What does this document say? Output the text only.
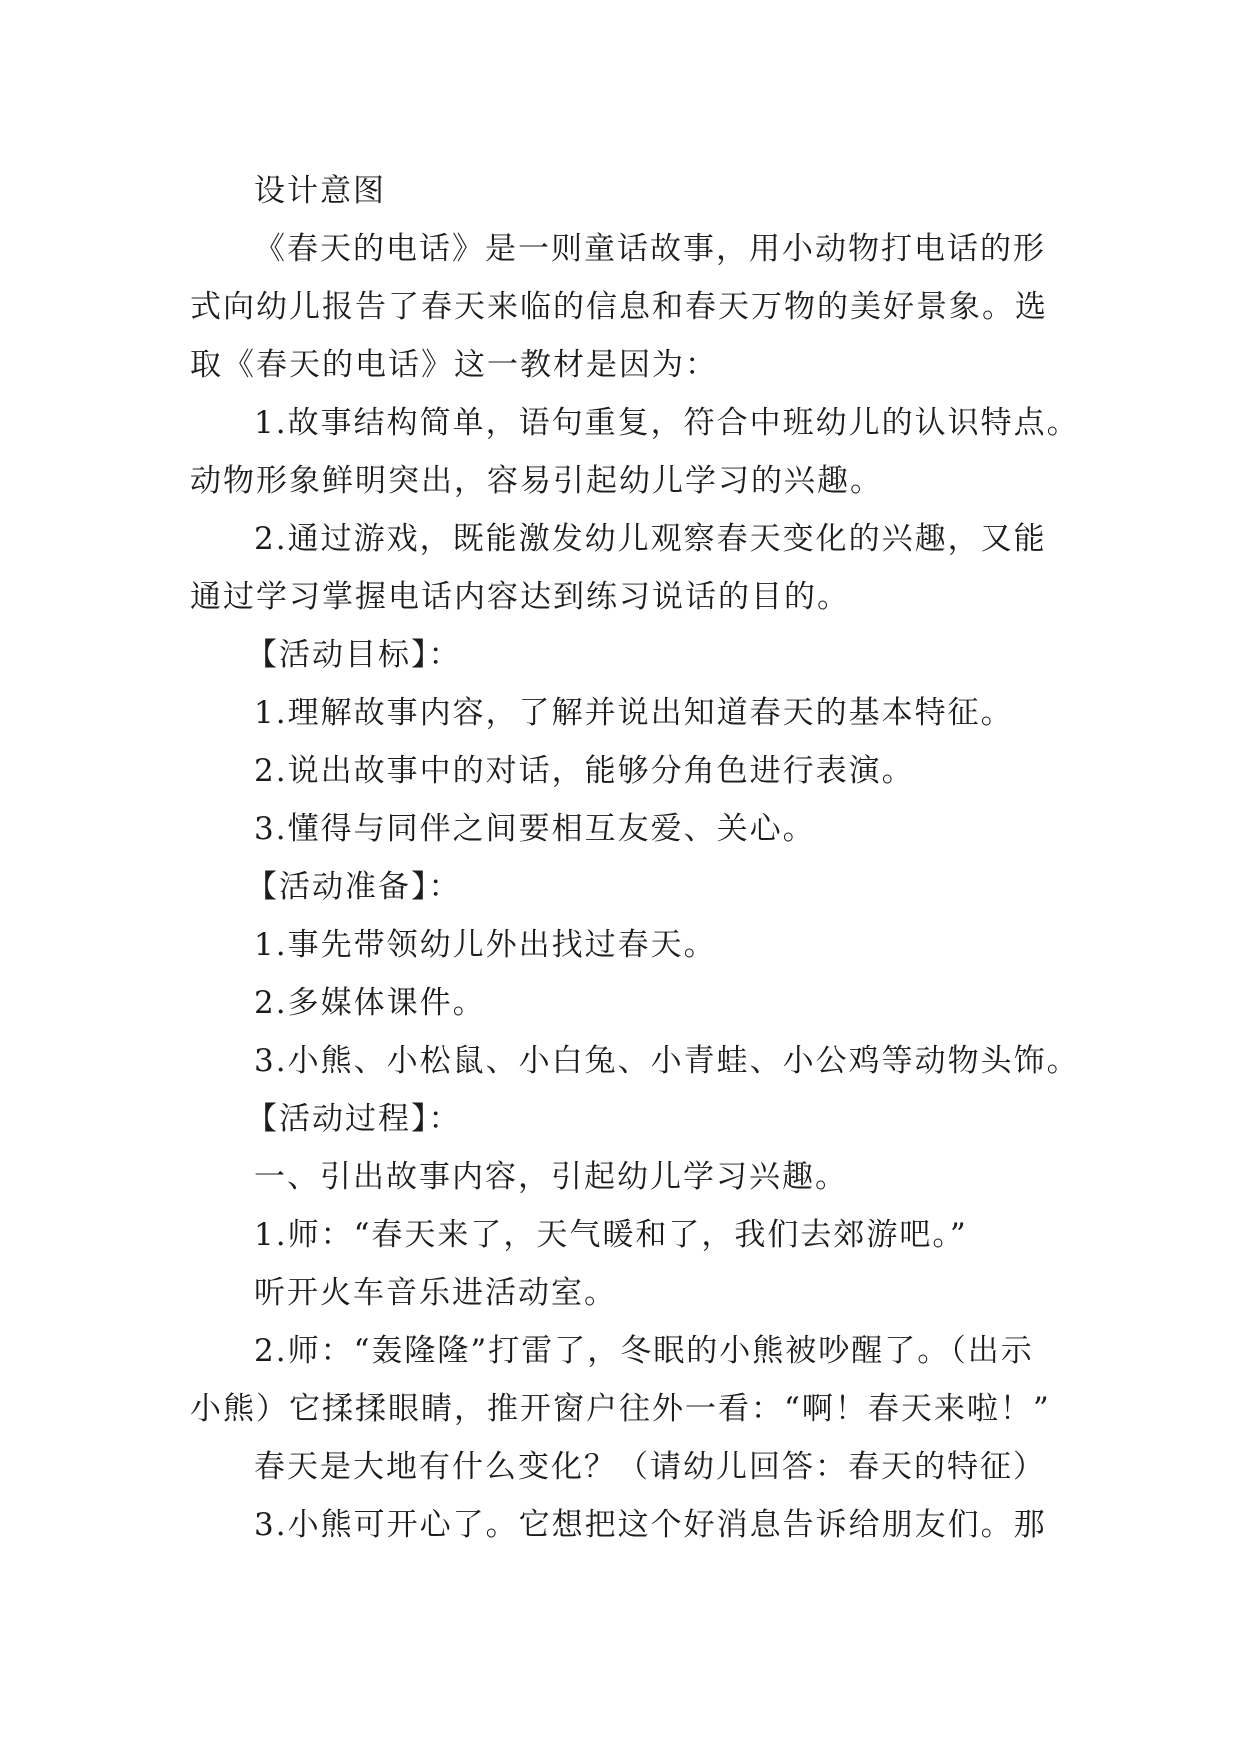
设计意图
《春天的电话》是一则童话故事，用小动物打电话的形
式向幼儿报告了春天来临的信息和春天万物的美好景象。选
取《春天的电话》这一教材是因为：
1.故事结构简单，语句重复，符合中班幼儿的认识特点。
动物形象鲜明突出，容易引起幼儿学习的兴趣。
2.通过游戏，既能激发幼儿观察春天变化的兴趣，又能
通过学习掌握电话内容达到练习说话的目的。
【活动目标】：
1.理解故事内容，了解并说出知道春天的基本特征。
2.说出故事中的对话，能够分角色进行表演。
3.懂得与同伴之间要相互友爱、关心。
【活动准备】：
1.事先带领幼儿外出找过春天。
2.多媒体课件。
3.小熊、小松鼠、小白兔、小青蛙、小公鸡等动物头饰。
【活动过程】：
一、引出故事内容，引起幼儿学习兴趣。
1.师：“春天来了，天气暖和了，我们去郊游吧。”
听开火车音乐进活动室。
2.师：“轰隆隆”打雷了，冬眠的小熊被吵醒了。（出示
小熊）它揉揉眼睛，推开窗户往外一看：“啊！春天来啦！”
春天是大地有什么变化？（请幼儿回答：春天的特征）
3.小熊可开心了。它想把这个好消息告诉给朋友们。那
